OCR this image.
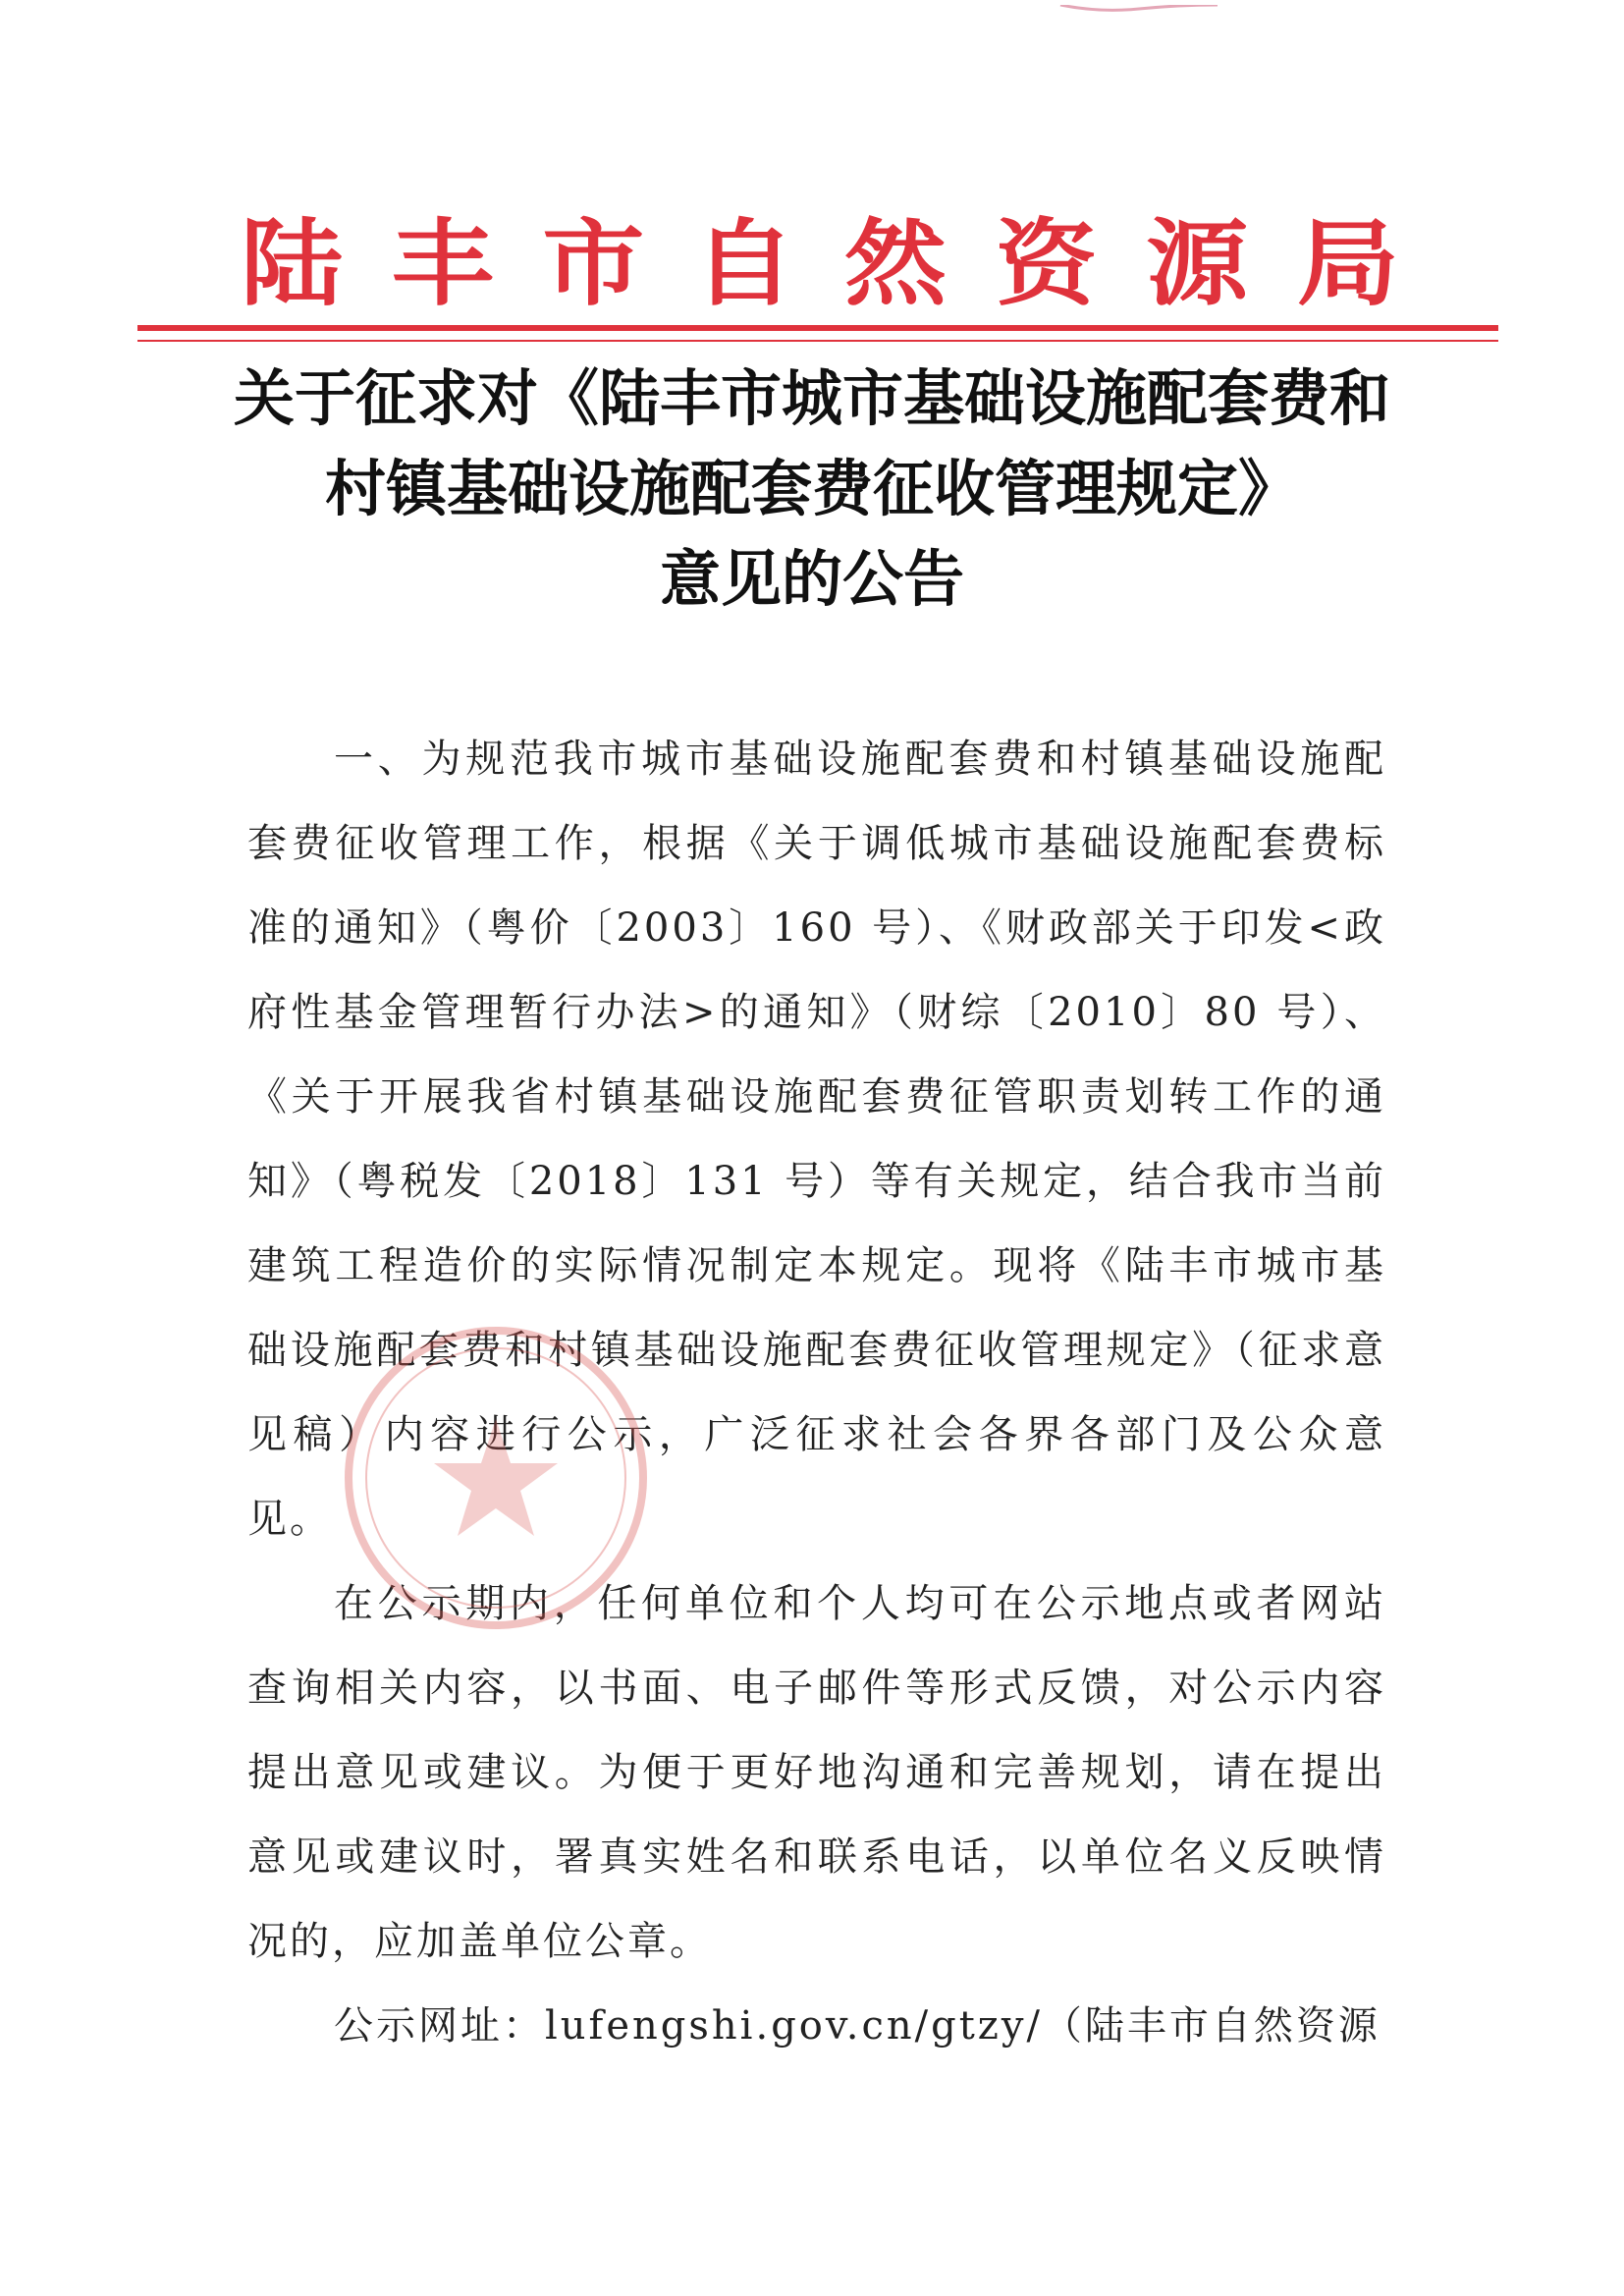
陆 丰 市 自 然 资 源 局
关于征求对《陆丰市城市基础设施配套费和
村镇基础设施配套费征收管理规定》
意见的公告

一、为规范我市城市基础设施配套费和村镇基础设施配套费征收管理工作，根据《关于调低城市基础设施配套费标准的通知》（粤价〔2003〕160 号）、《财政部关于印发<政府性基金管理暂行办法>的通知》（财综〔2010〕80 号）、《关于开展我省村镇基础设施配套费征管职责划转工作的通知》（粤税发〔2018〕131 号）等有关规定，结合我市当前建筑工程造价的实际情况制定本规定。现将《陆丰市城市基础设施配套费和村镇基础设施配套费征收管理规定》（征求意见稿）内容进行公示，广泛征求社会各界各部门及公众意见。

在公示期内，任何单位和个人均可在公示地点或者网站查询相关内容，以书面、电子邮件等形式反馈，对公示内容提出意见或建议。为便于更好地沟通和完善规划，请在提出意见或建议时，署真实姓名和联系电话，以单位名义反映情况的，应加盖单位公章。

公示网址：lufengshi.gov.cn/gtzy/（陆丰市自然资源
